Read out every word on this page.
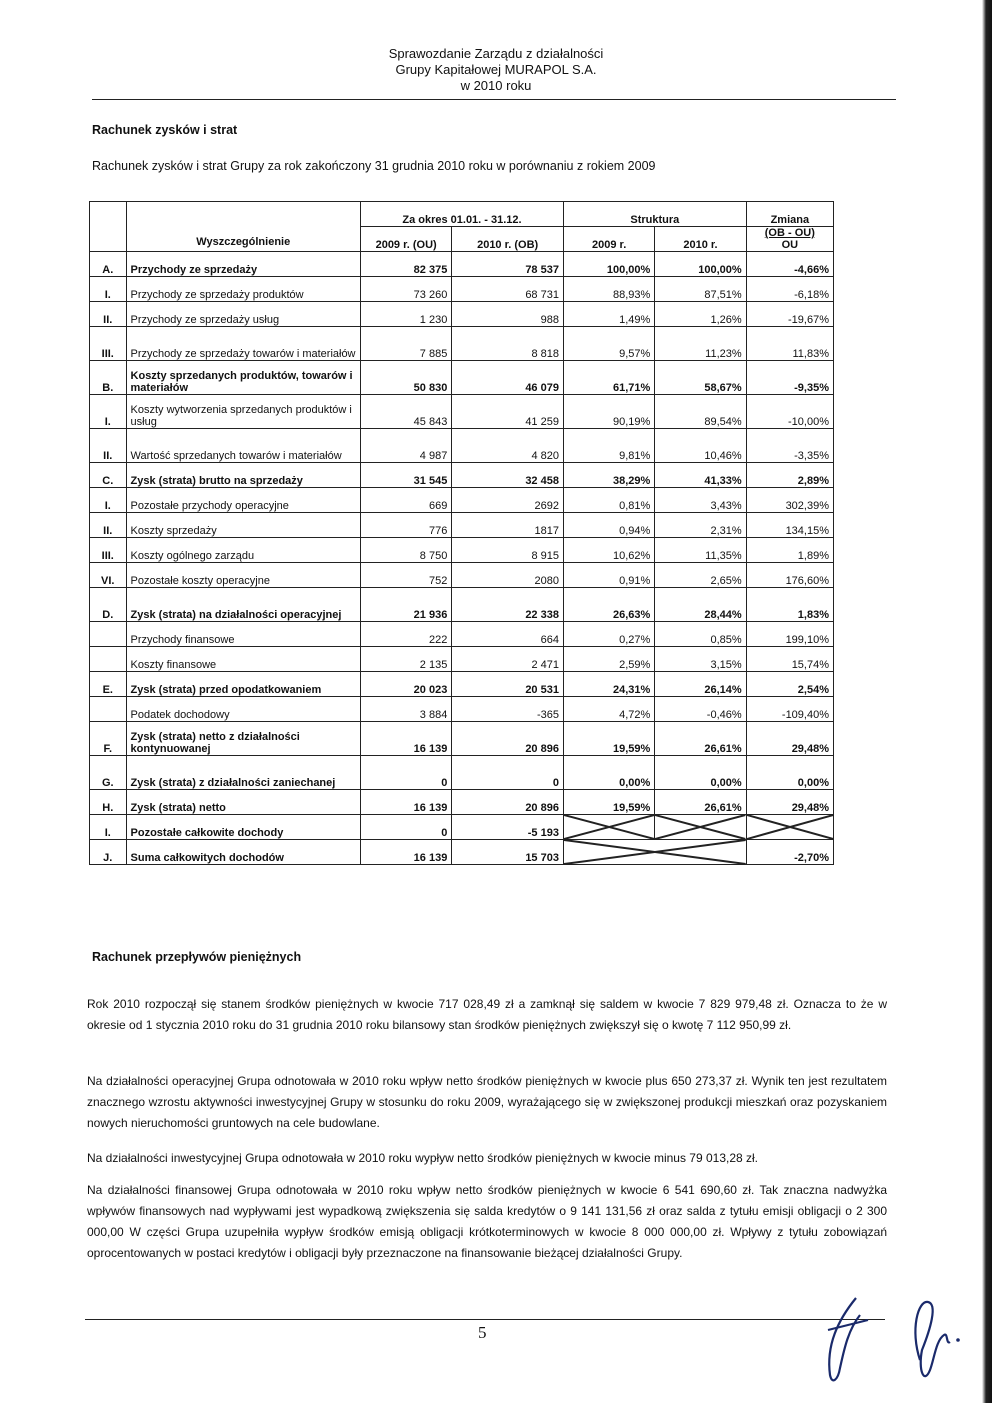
Sprawozdanie Zarządu z działalności
Grupy Kapitałowej MURAPOL S.A.
w 2010 roku
Rachunek zysków i strat
Rachunek zysków i strat Grupy za rok zakończony 31 grudnia 2010 roku w porównaniu z rokiem 2009
	Wyszczególnienie	Za okres 01.01. - 31.12.		Struktura		Zmiana
		2009 r. (OU)	2010 r. (OB)	2009 r.	2010 r.	(OB - OU)
OU

A.	Przychody ze sprzedaży	82 375	78 537	100,00%	100,00%	-4,66%
I.	Przychody ze sprzedaży produktów	73 260	68 731	88,93%	87,51%	-6,18%
II.	Przychody ze sprzedaży usług	1 230	988	1,49%	1,26%	-19,67%
III.	Przychody ze sprzedaży towarów i materiałów	7 885	8 818	9,57%	11,23%	11,83%
B.	Koszty sprzedanych produktów, towarów i materiałów	50 830	46 079	61,71%	58,67%	-9,35%
I.	Koszty wytworzenia sprzedanych produktów i usług	45 843	41 259	90,19%	89,54%	-10,00%
II.	Wartość sprzedanych towarów i materiałów	4 987	4 820	9,81%	10,46%	-3,35%
C.	Zysk (strata) brutto na sprzedaży	31 545	32 458	38,29%	41,33%	2,89%
I.	Pozostałe przychody operacyjne	669	2692	0,81%	3,43%	302,39%
II.	Koszty sprzedaży	776	1817	0,94%	2,31%	134,15%
III.	Koszty ogólnego zarządu	8 750	8 915	10,62%	11,35%	1,89%
VI.	Pozostałe koszty operacyjne	752	2080	0,91%	2,65%	176,60%
D.	Zysk (strata) na działalności operacyjnej	21 936	22 338	26,63%	28,44%	1,83%
	Przychody finansowe	222	664	0,27%	0,85%	199,10%
	Koszty finansowe	2 135	2 471	2,59%	3,15%	15,74%
E.	Zysk (strata) przed opodatkowaniem	20 023	20 531	24,31%	26,14%	2,54%
	Podatek dochodowy	3 884	-365	4,72%	-0,46%	-109,40%
F.	Zysk (strata) netto z działalności kontynuowanej	16 139	20 896	19,59%	26,61%	29,48%
G.	Zysk (strata) z działalności zaniechanej	0	0	0,00%	0,00%	0,00%
H.	Zysk (strata) netto	16 139	20 896	19,59%	26,61%	29,48%
I.	Pozostałe całkowite dochody	0	-5 193	

J.	Suma całkowitych dochodów	16 139	15 703			-2,70%
Rachunek przepływów pieniężnych

Rok 2010 rozpoczął się stanem środków pieniężnych w kwocie 717 028,49 zł a zamknął się saldem w kwocie 7 829 979,48 zł. Oznacza to że w okresie od 1 stycznia 2010 roku do 31 grudnia 2010 roku bilansowy stan środków pieniężnych zwiększył się o kwotę 7 112 950,99 zł.

Na działalności operacyjnej Grupa odnotowała w 2010 roku wpływ netto środków pieniężnych w kwocie plus 650 273,37 zł. Wynik ten jest rezultatem znacznego wzrostu aktywności inwestycyjnej Grupy w stosunku do roku 2009, wyrażającego się w zwiększonej produkcji mieszkań oraz pozyskaniem nowych nieruchomości gruntowych na cele budowlane.

Na działalności inwestycyjnej Grupa odnotowała w 2010 roku wypływ netto środków pieniężnych w kwocie minus 79 013,28 zł.

Na działalności finansowej Grupa odnotowała w 2010 roku wpływ netto środków pieniężnych w kwocie 6 541 690,60 zł. Tak znaczna nadwyżka wpływów finansowych nad wypływami jest wypadkową zwiększenia się salda kredytów o 9 141 131,56 zł oraz salda z tytułu emisji obligacji o 2 300 000,00 W części Grupa uzupełniła wypływ środków emisją obligacji krótkoterminowych w kwocie 8 000 000,00 zł. Wpływy z tytułu zobowiązań oprocentowanych w postaci kredytów i obligacji były przeznaczone na finansowanie bieżącej działalności Grupy.

5
